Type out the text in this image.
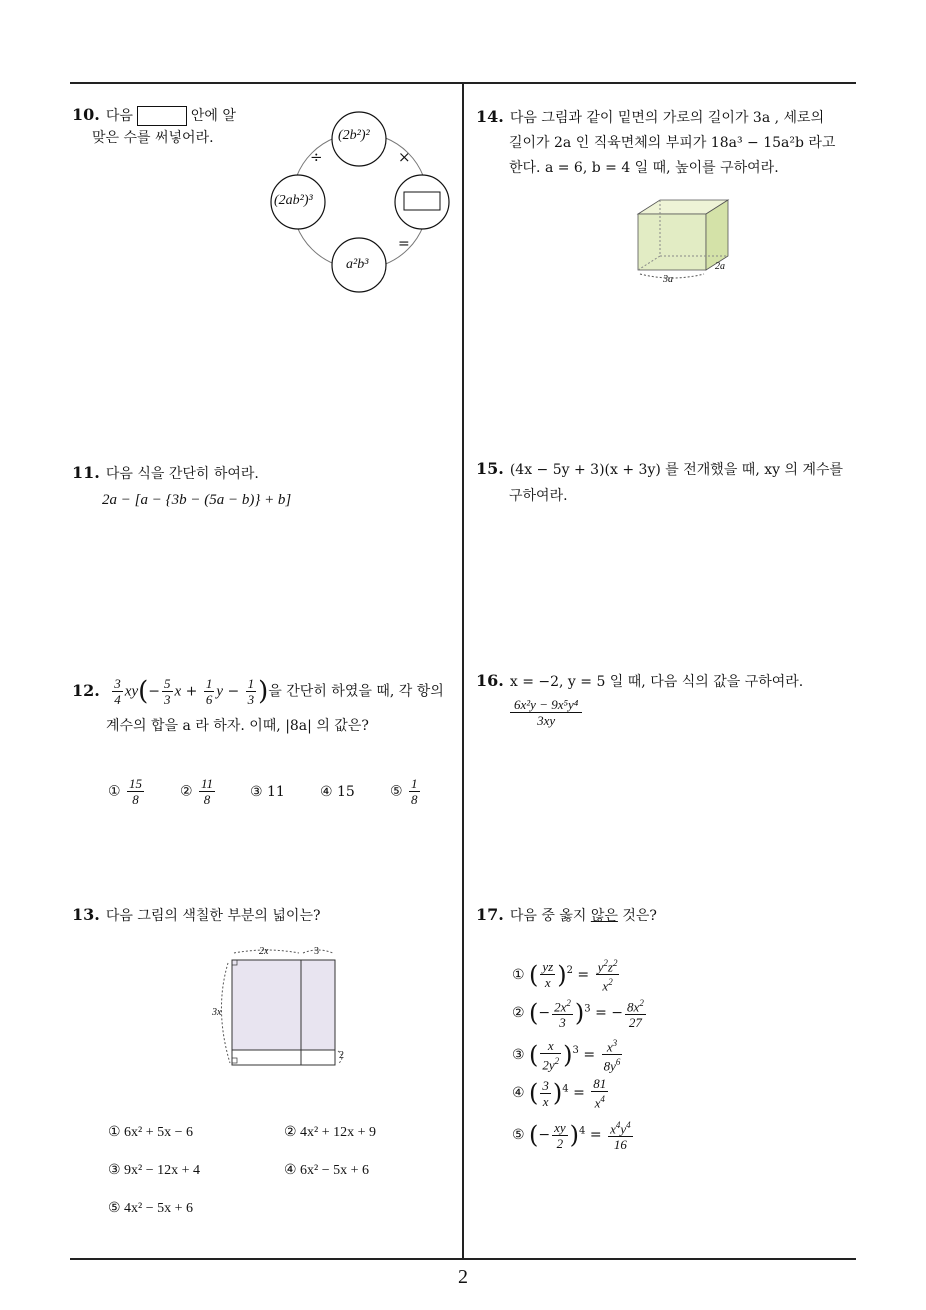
2
10. 다음	안에 알
맞은 수를 써넣어라.	(2b²)²
(2ab²)³
a²b³
÷	×
=
11. 다음 식을 간단히 하여라.
2a − [a − {3b − (5a − b)} + b]
12. $\frac{3}{4} xy(- \frac{5}{3}$ $x + \frac{1}{6}$ $y - \frac{1}{3}$ )을 간단히 하였을 때, 각 항의
계수의 합을 a 라 하자. 이때, |8a| 의 값은?
① $\frac{15}{8}$	② $\frac{11}{8}$ ③ 11	④ 15	⑤ $\frac{1}{8}$
13. 다음 그림의 색칠한 부분의 넓이는?
2x	3
3x
2
① 6x² + 5x − 6	② 4x² + 12x + 9
③ 9x² − 12x + 4	④ 6x² − 5x + 6
⑤ 4x² − 5x + 6
14. 다음 그림과 같이 밑면의 가로의 길이가 3a , 세로의
길이가 2a 인 직육면체의 부피가 18a³ − 15a²b 라고
한다. a = 6, b = 4 일 때, 높이를 구하여라.
3a
2a
15. (4x − 5y + 3)(x + 3y) 를 전개했을 때, xy 의 계수를
구하여라.
16. x = −2, y = 5 일 때, 다음 식의 값을 구하여라.
$\frac{\text{6x²y − 9x⁵y⁴}}{3xy}$
17. 다음 중 옳지 않은 것은?
① ( $\frac{yz}{x} )^2 = \frac{y^2z^2}{x^2}$
② (− $\frac{2x^2}{3} )^3$ = − $\frac{8x^2}{27}$
③ ( $\frac{x}{2y^2} )^3 = \frac{x^3}{8y^6}$
④ ( $\frac{3}{x} )^4 = \frac{81}{x^4}$
⑤ (− $\frac{xy}{2} )^4 = \frac{x^4y^4}{16}$
